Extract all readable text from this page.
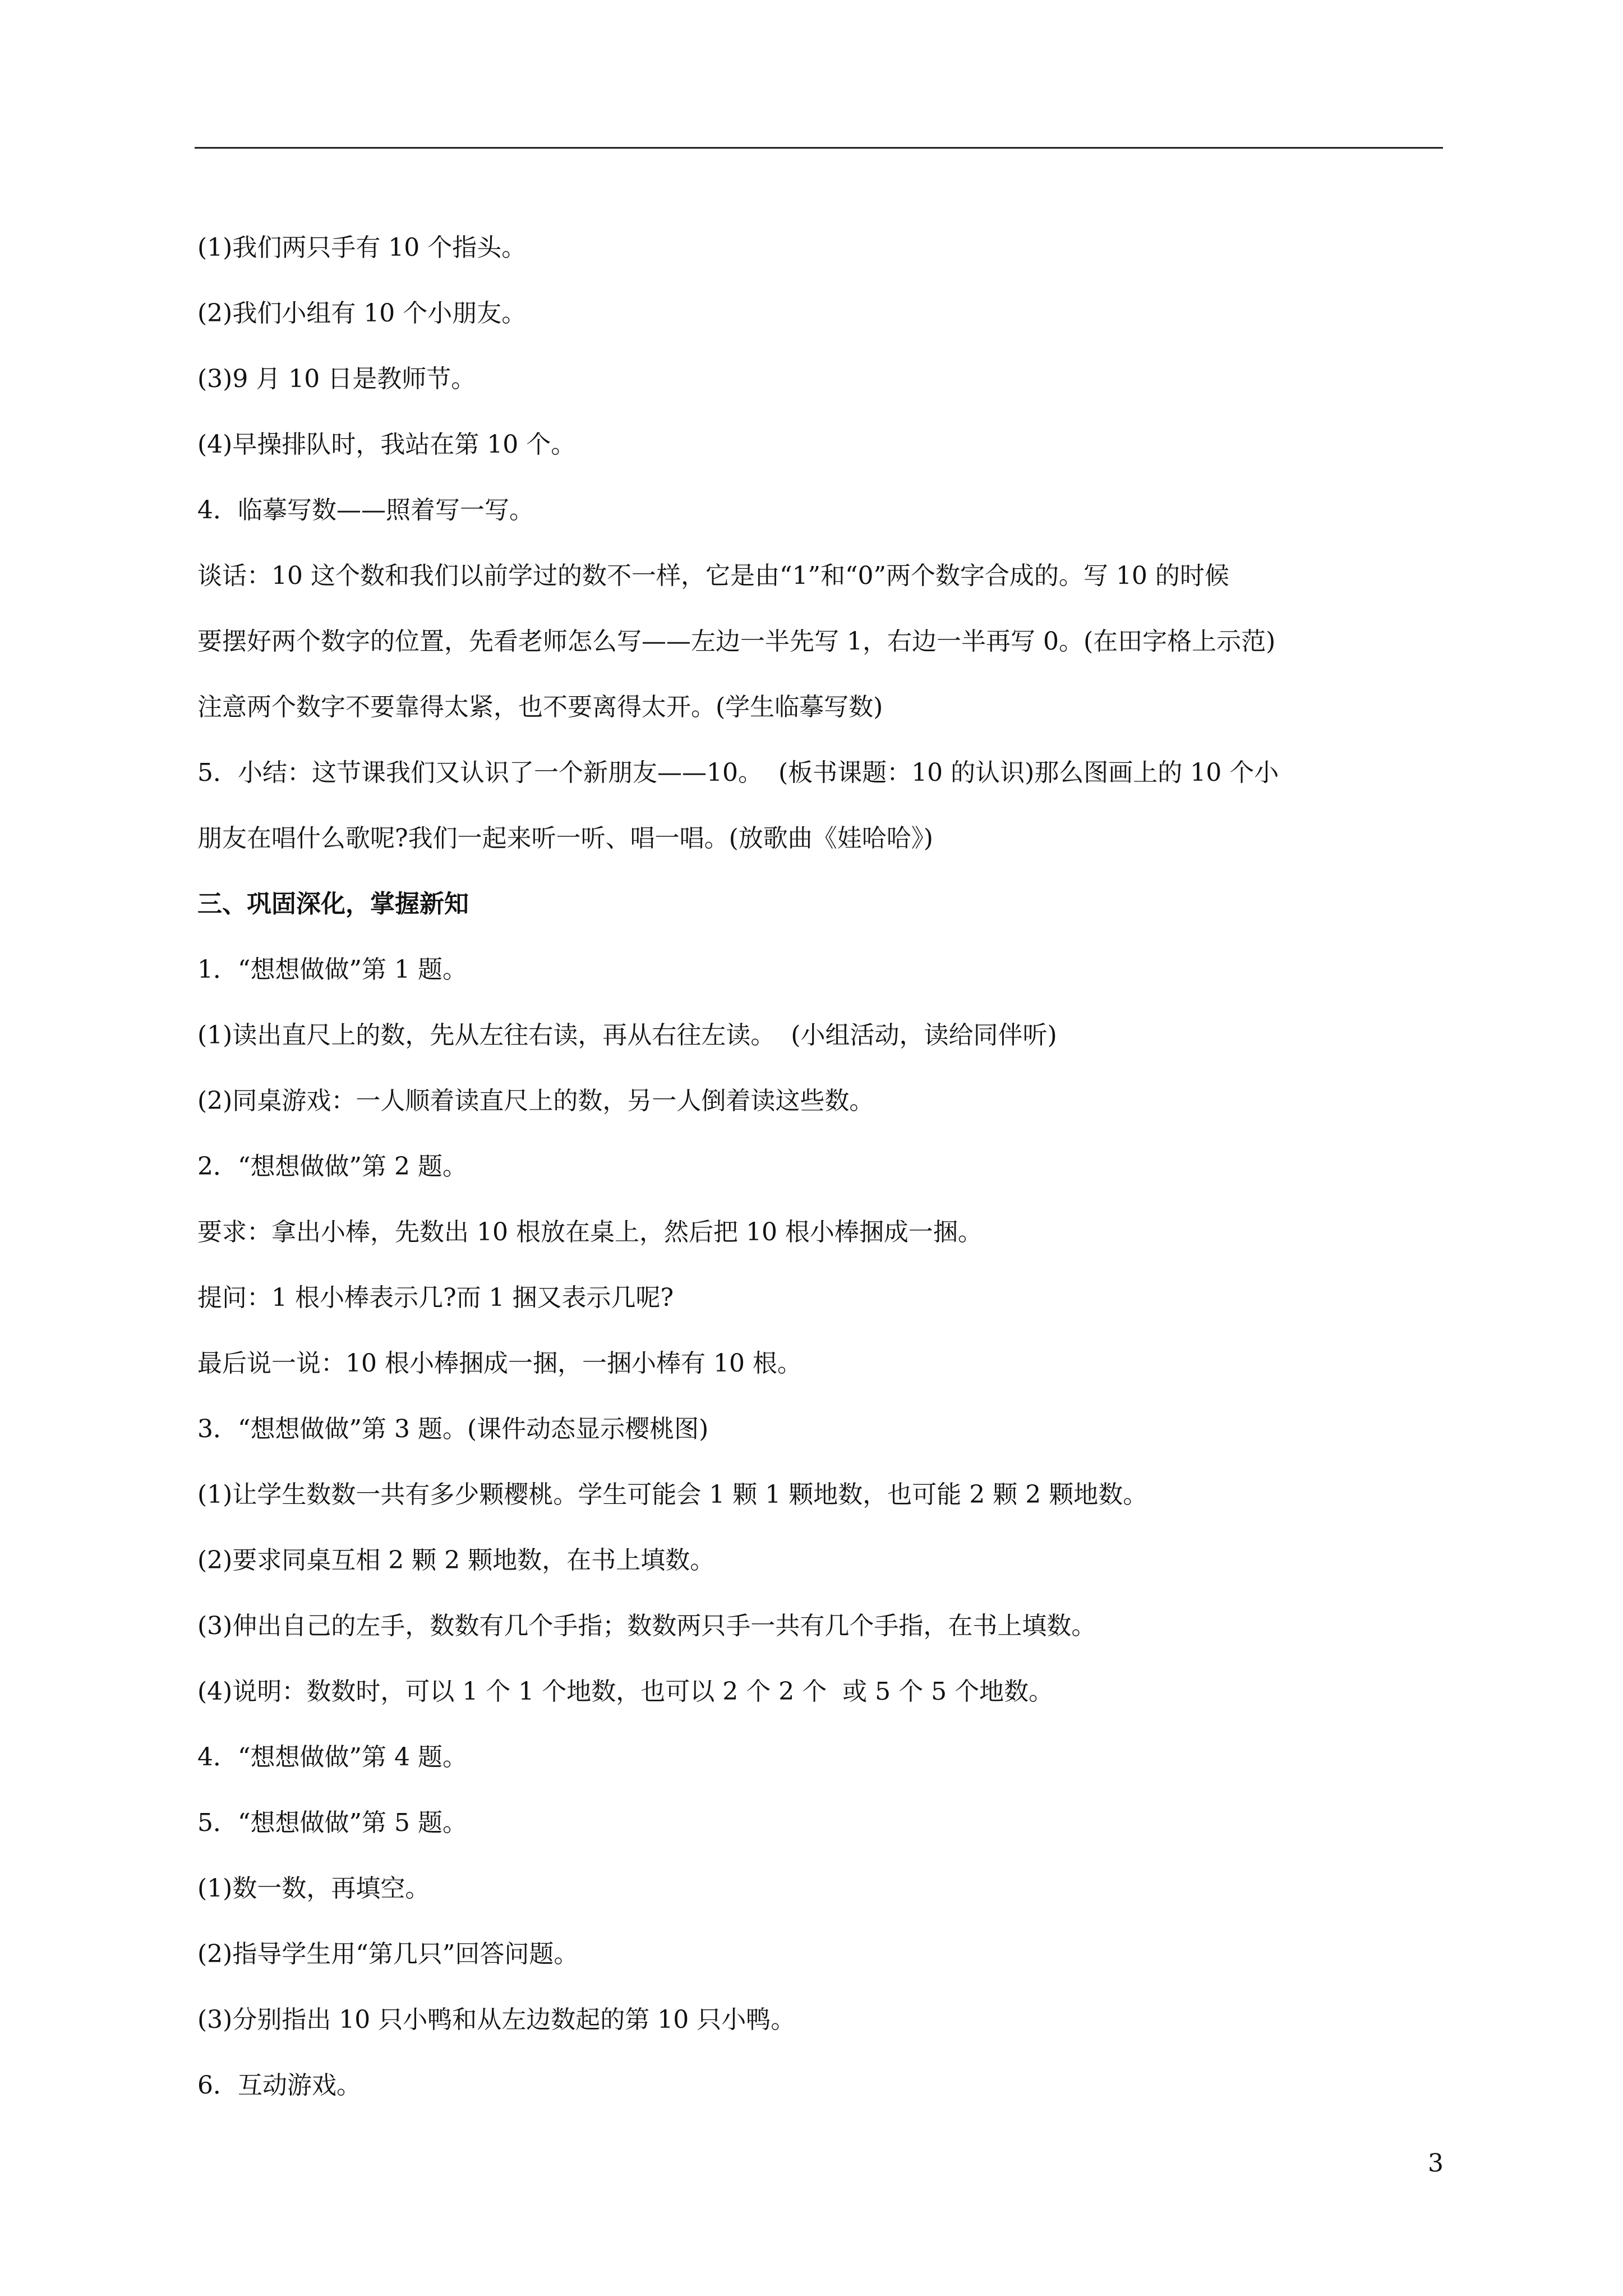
(1)我们两只手有 10 个指头。
(2)我们小组有 10 个小朋友。
(3)9 月 10 日是教师节。
(4)早操排队时，我站在第 10 个。
4．临摹写数——照着写一写。
谈话：10 这个数和我们以前学过的数不一样，它是由“1”和“0”两个数字合成的。写 10 的时候
要摆好两个数字的位置，先看老师怎么写——左边一半先写 1，右边一半再写 0。(在田字格上示范)
注意两个数字不要靠得太紧，也不要离得太开。(学生临摹写数)
5．小结：这节课我们又认识了一个新朋友——10。  (板书课题：10 的认识)那么图画上的 10 个小
朋友在唱什么歌呢?我们一起来听一听、唱一唱。(放歌曲《娃哈哈》)
三、巩固深化，掌握新知
1．“想想做做”第 1 题。
(1)读出直尺上的数，先从左往右读，再从右往左读。  (小组活动，读给同伴听)
(2)同桌游戏：一人顺着读直尺上的数，另一人倒着读这些数。
2．“想想做做”第 2 题。
要求：拿出小棒，先数出 10 根放在桌上，然后把 10 根小棒捆成一捆。
提问：1 根小棒表示几?而 1 捆又表示几呢?
最后说一说：10 根小棒捆成一捆，一捆小棒有 10 根。
3．“想想做做”第 3 题。(课件动态显示樱桃图)
(1)让学生数数一共有多少颗樱桃。学生可能会 1 颗 1 颗地数，也可能 2 颗 2 颗地数。
(2)要求同桌互相 2 颗 2 颗地数，在书上填数。
(3)伸出自己的左手，数数有几个手指；数数两只手一共有几个手指，在书上填数。
(4)说明：数数时，可以 1 个 1 个地数，也可以 2 个 2 个  或 5 个 5 个地数。
4．“想想做做”第 4 题。
5．“想想做做”第 5 题。
(1)数一数，再填空。
(2)指导学生用“第几只”回答问题。
(3)分别指出 10 只小鸭和从左边数起的第 10 只小鸭。
6．互动游戏。
3
